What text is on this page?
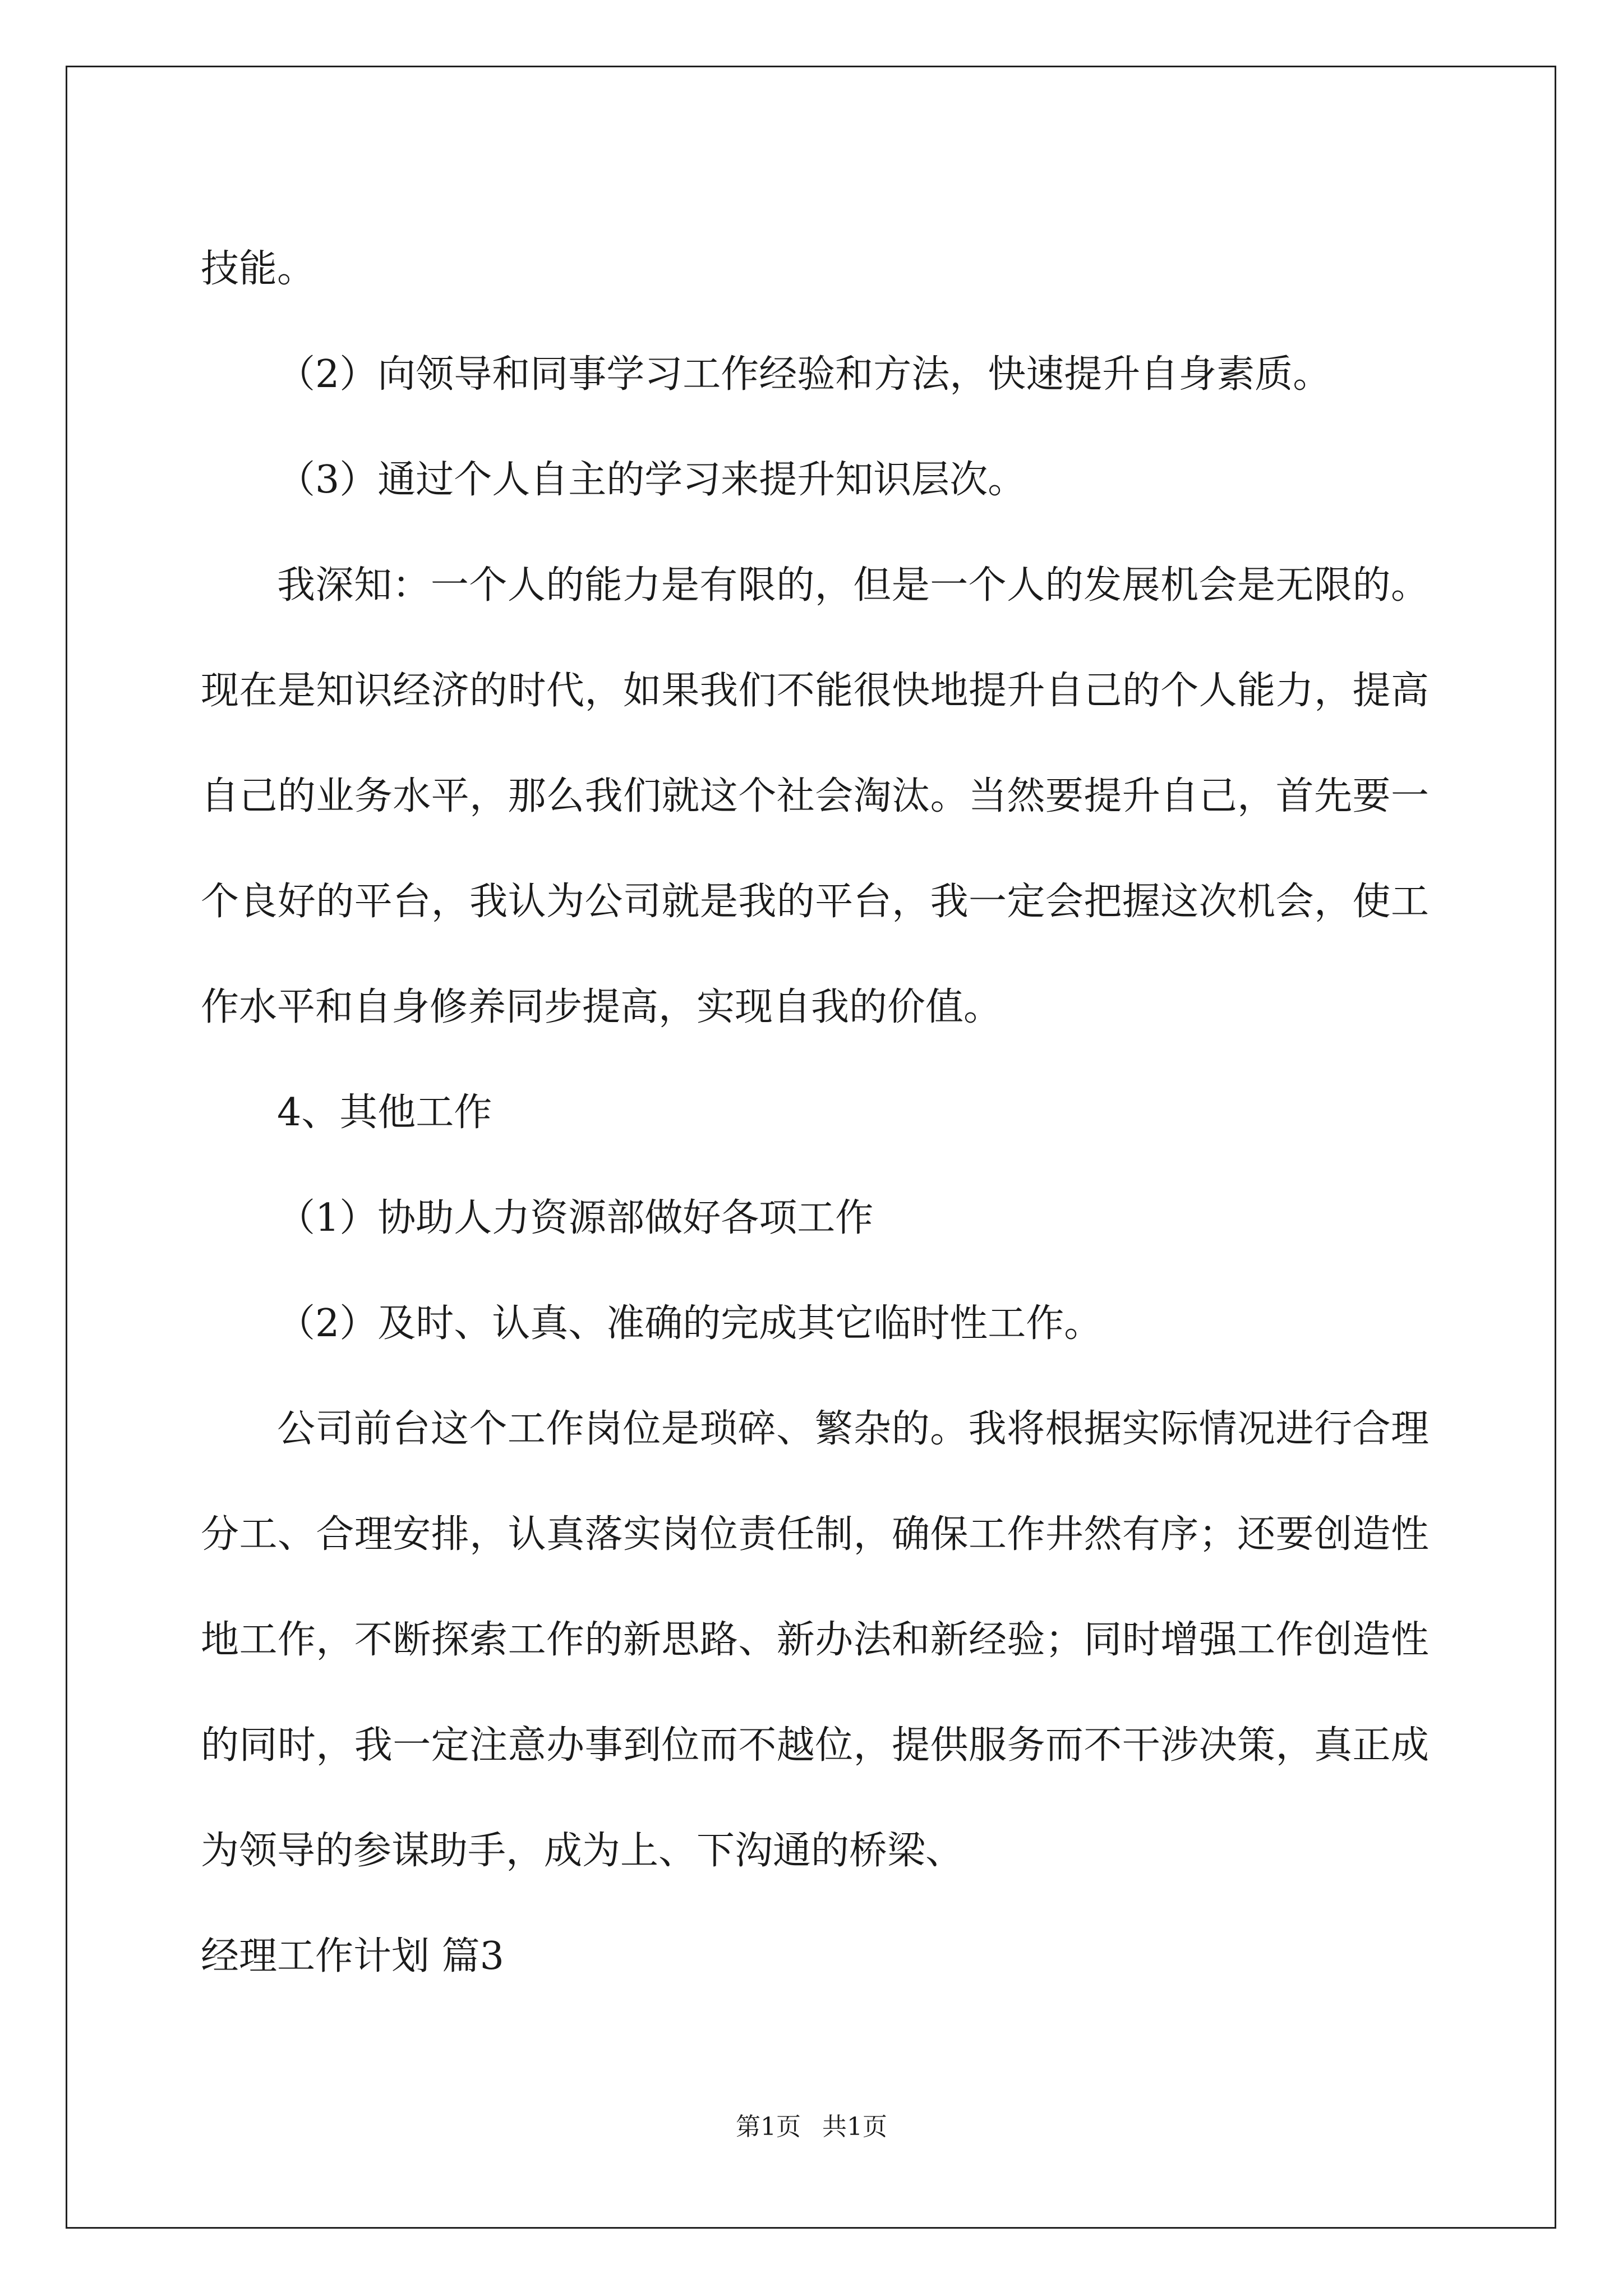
技能。

（2）向领导和同事学习工作经验和方法，快速提升自身素质。

（3）通过个人自主的学习来提升知识层次。

我深知：一个人的能力是有限的，但是一个人的发展机会是无限的。现在是知识经济的时代，如果我们不能很快地提升自己的个人能力，提高自己的业务水平，那么我们就这个社会淘汰。当然要提升自己，首先要一个良好的平台，我认为公司就是我的平台，我一定会把握这次机会，使工作水平和自身修养同步提高，实现自我的价值。

4、其他工作

（1）协助人力资源部做好各项工作

（2）及时、认真、准确的完成其它临时性工作。

公司前台这个工作岗位是琐碎、繁杂的。我将根据实际情况进行合理分工、合理安排，认真落实岗位责任制，确保工作井然有序；还要创造性地工作，不断探索工作的新思路、新办法和新经验；同时增强工作创造性的同时，我一定注意办事到位而不越位，提供服务而不干涉决策，真正成为领导的参谋助手，成为上、下沟通的桥梁、

经理工作计划 篇3

第1页 共1页
